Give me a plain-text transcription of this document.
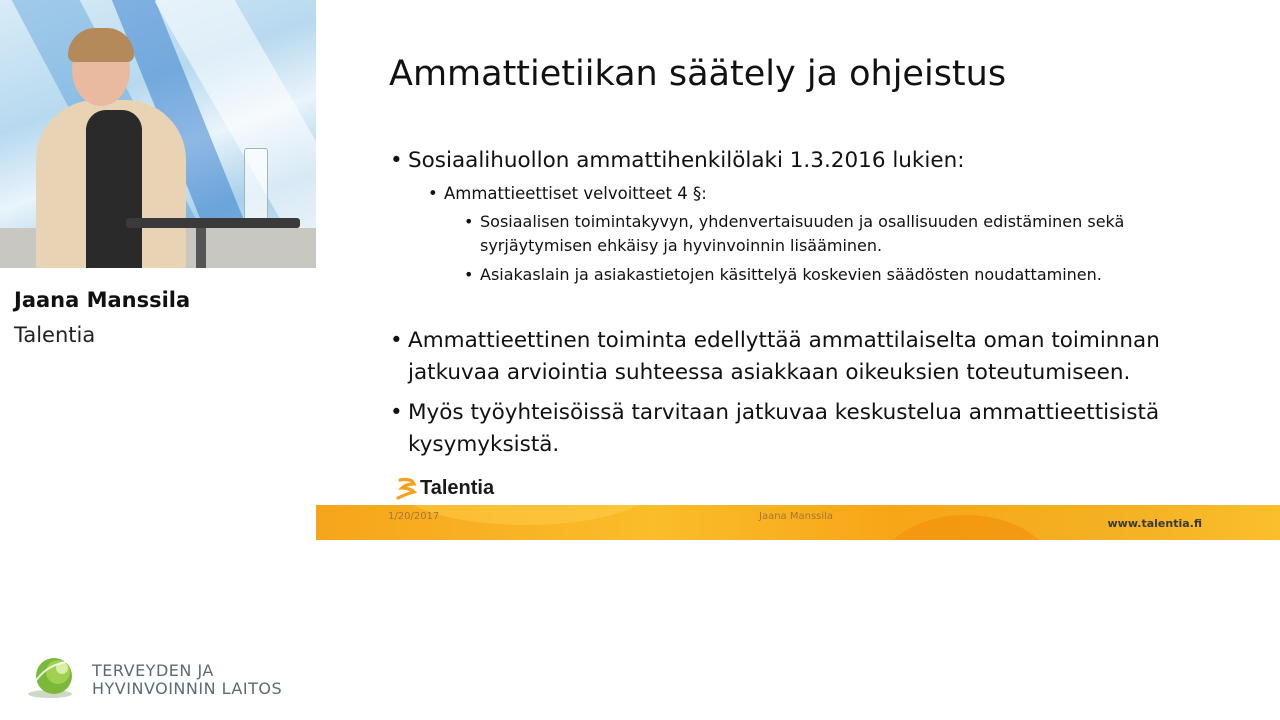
Jaana Manssila
Talentia
TERVEYDEN JA
HYVINVOINNIN LAITOS
Ammattietiikan säätely ja ohjeistus
• Sosiaalihuollon ammattihenkilölaki 1.3.2016 lukien:
• Ammattieettiset velvoitteet 4 §:
• Sosiaalisen toimintakyvyn, yhdenvertaisuuden ja osallisuuden edistäminen sekä
syrjäytymisen ehkäisy ja hyvinvoinnin lisääminen.
• Asiakaslain ja asiakastietojen käsittelyä koskevien säädösten noudattaminen.
• Ammattieettinen toiminta edellyttää ammattilaiselta oman toiminnan
jatkuvaa arviointia suhteessa asiakkaan oikeuksien toteutumiseen.
• Myös työyhteisöissä tarvitaan jatkuvaa keskustelua ammattieettisistä
kysymyksistä.
Talentia
1/20/2017	Jaana Manssila
www.talentia.fi
